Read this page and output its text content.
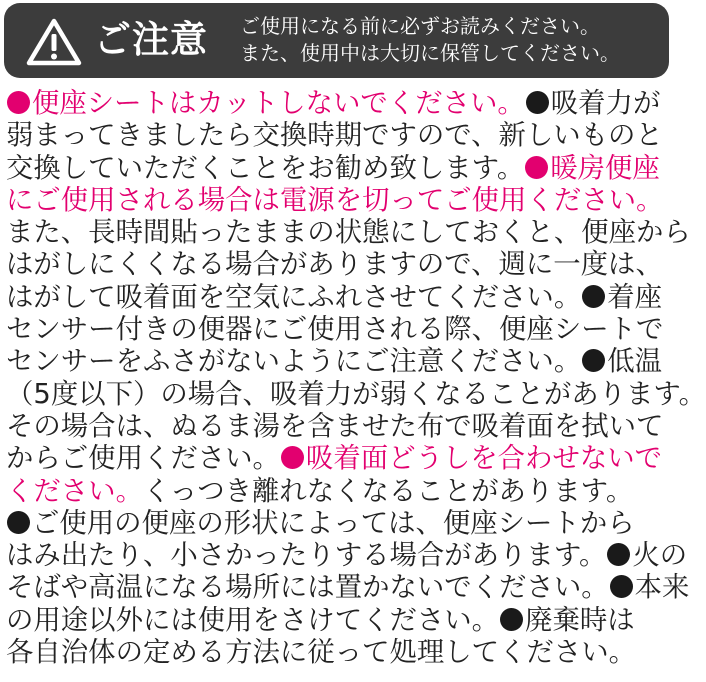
ご注意 ご使用になる前に必ずお読みください。
また、使用中は大切に保管してください。
便座シートはカットしないでください。 吸着力が
弱まってきましたら交換時期ですので、新しいものと
交換していただくことをお勧め致します。 暖房便座
にご使用される場合は電源を切ってご使用ください。
また、長時間貼ったままの状態にしておくと、便座から
はがしにくくなる場合がありますので、週に一度は、
はがして吸着面を空気にふれさせてください。 着座
センサー付きの便器にご使用される際、便座シートで
センサーをふさがないようにご注意ください。 低温
（5度以下）の場合、吸着力が弱くなることがあります。
その場合は、ぬるま湯を含ませた布で吸着面を拭いて
からご使用ください。 吸着面どうしを合わせないで
ください。くっつき離れなくなることがあります。
ご使用の便座の形状によっては、便座シートから
はみ出たり、小さかったりする場合があります。 火の
そばや高温になる場所には置かないでください。 本来
の用途以外には使用をさけてください。 廃棄時は
各自治体の定める方法に従って処理してください。
